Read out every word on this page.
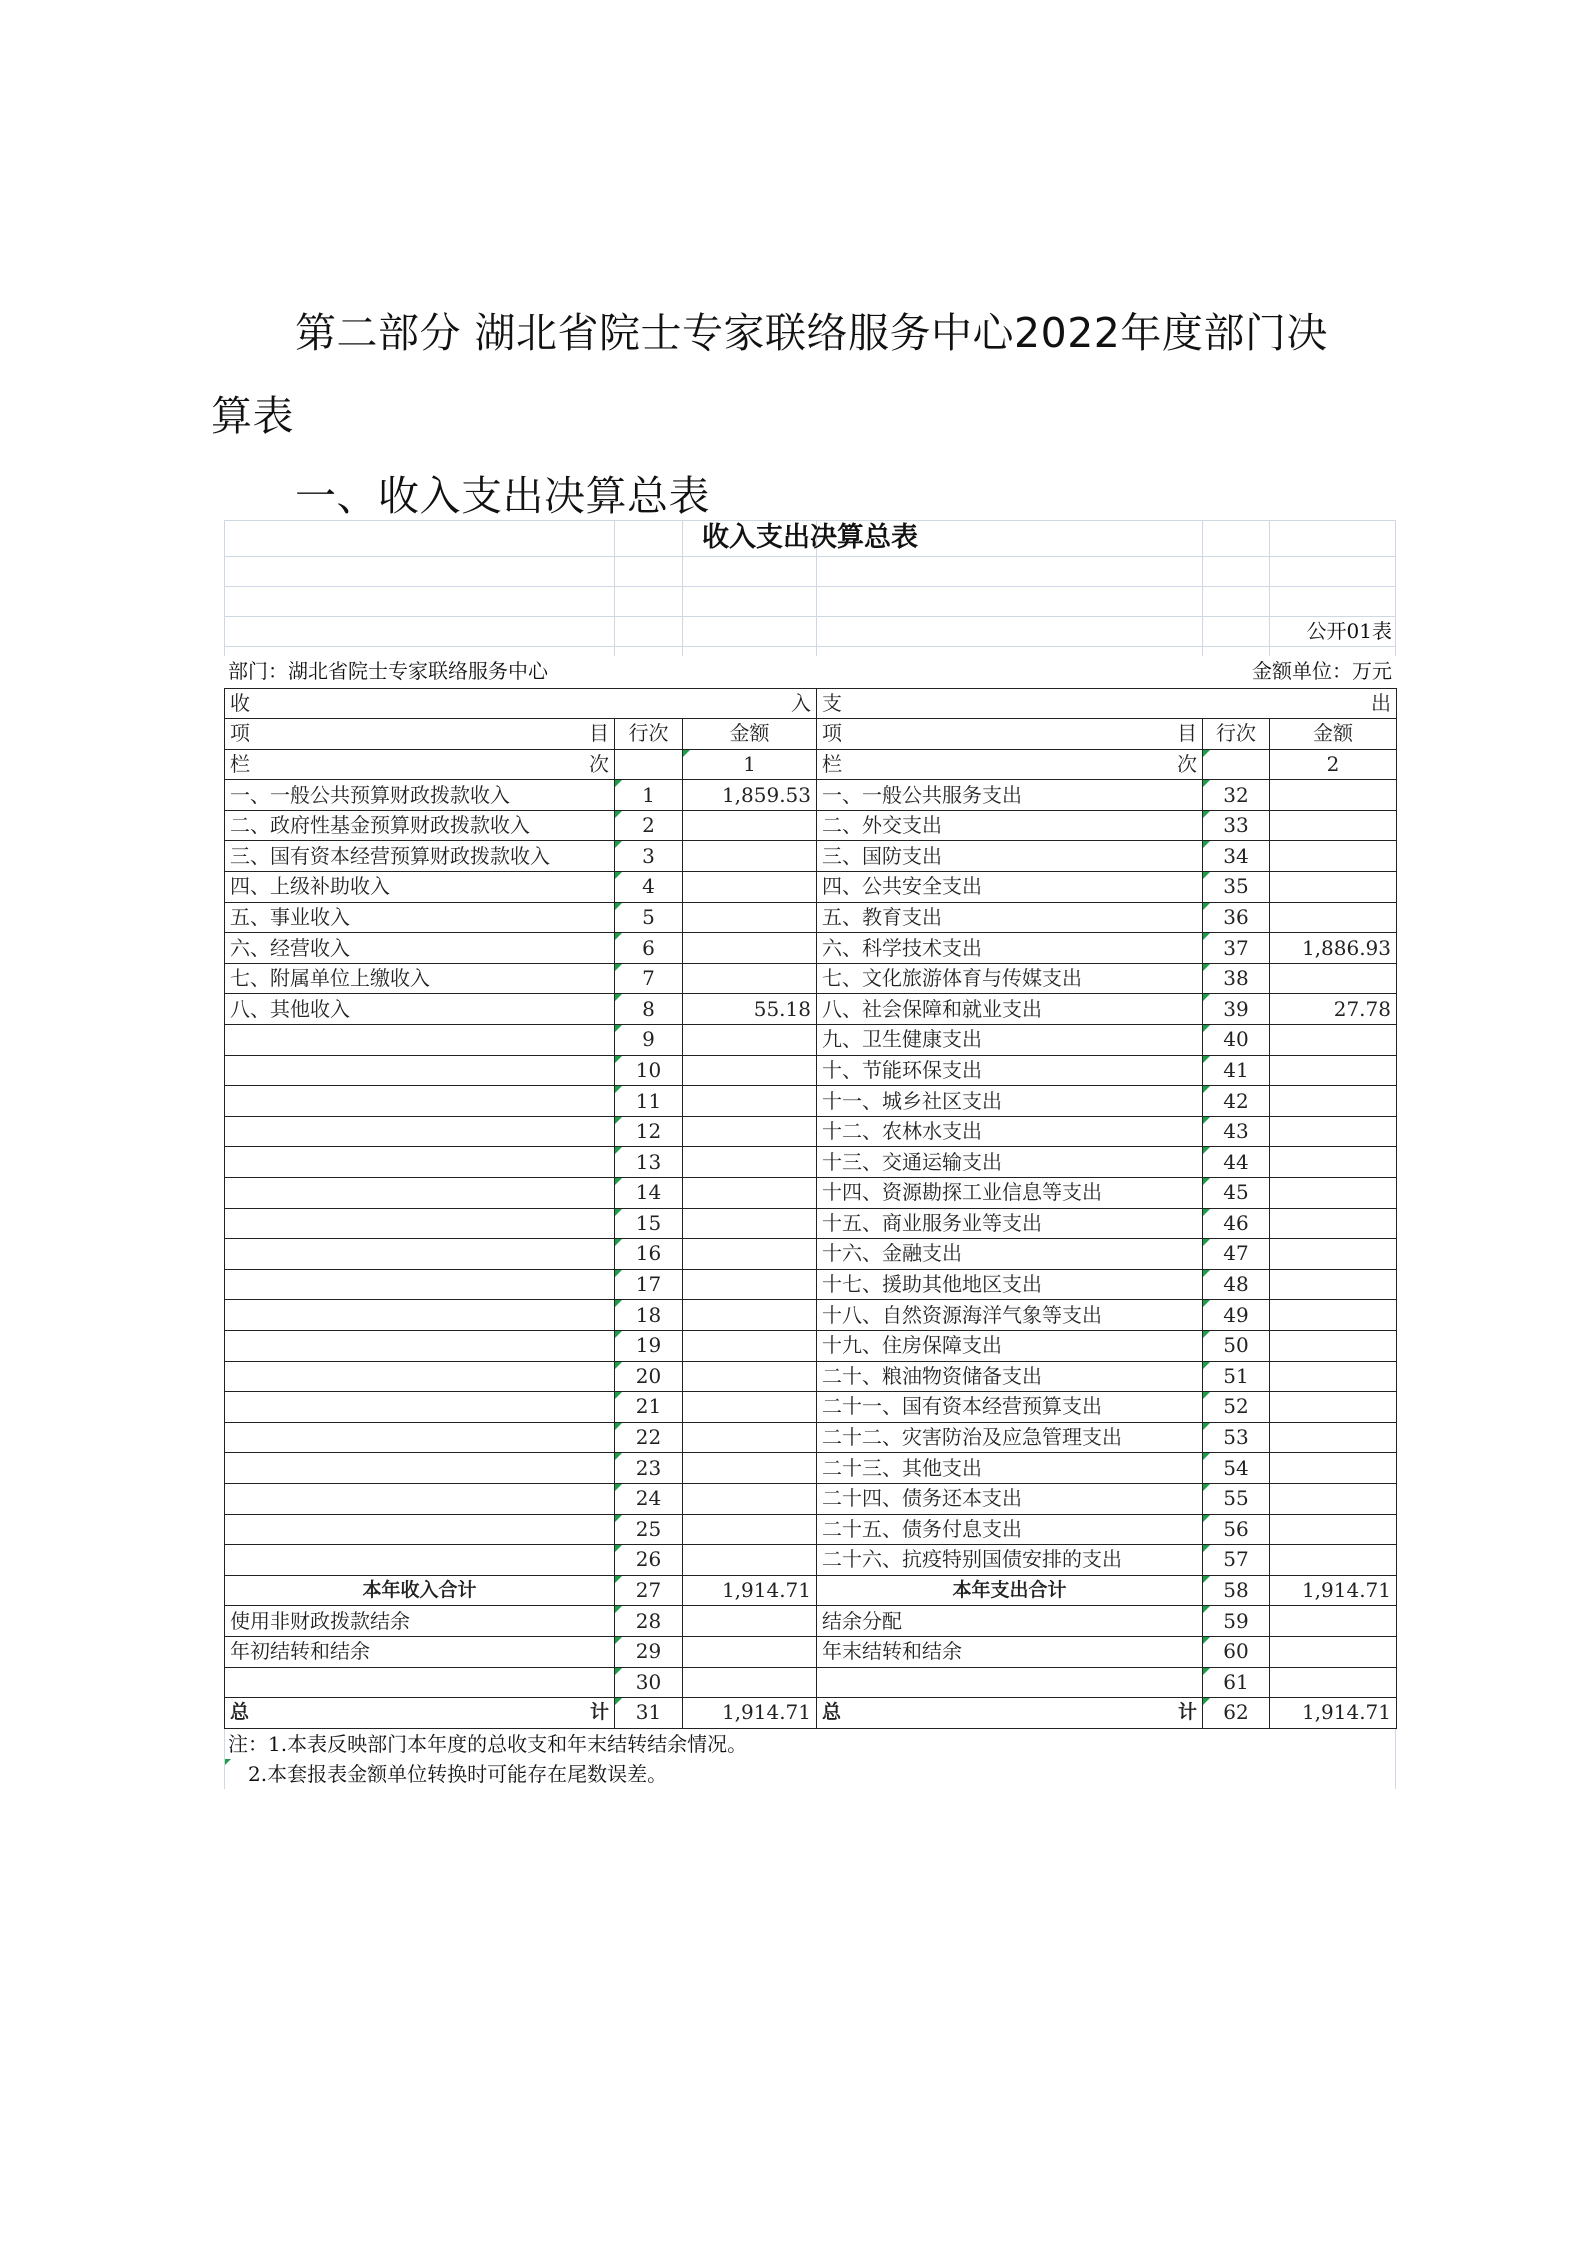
第二部分 湖北省院士专家联络服务中心2022年度部门决
算表
一、收入支出决算总表
收入支出决算总表
公开01表
部门：湖北省院士专家联络服务中心	金额单位：万元
收 入			支 出		

项 目	行次	金额	项 目	行次	金额

栏 次		1	栏 次		2
一、一般公共预算财政拨款收入	1	1,859.53	一、一般公共服务支出	32	
二、政府性基金预算财政拨款收入	2		二、外交支出	33	
三、国有资本经营预算财政拨款收入	3		三、国防支出	34	
四、上级补助收入	4		四、公共安全支出	35	
五、事业收入	5		五、教育支出	36	
六、经营收入	6		六、科学技术支出	37	1,886.93
七、附属单位上缴收入	7		七、文化旅游体育与传媒支出	38	
八、其他收入	8	55.18	八、社会保障和就业支出	39	27.78
	9		九、卫生健康支出	40	
	10		十、节能环保支出	41	
	11		十一、城乡社区支出	42	
	12		十二、农林水支出	43	
	13		十三、交通运输支出	44	
	14		十四、资源勘探工业信息等支出	45	
	15		十五、商业服务业等支出	46	
	16		十六、金融支出	47	
	17		十七、援助其他地区支出	48	
	18		十八、自然资源海洋气象等支出	49	
	19		十九、住房保障支出	50	
	20		二十、粮油物资储备支出	51	
	21		二十一、国有资本经营预算支出	52	
	22		二十二、灾害防治及应急管理支出	53	
	23		二十三、其他支出	54	
	24		二十四、债务还本支出	55	
	25		二十五、债务付息支出	56	
	26		二十六、抗疫特别国债安排的支出	57	
本年收入合计	27	1,914.71	本年支出合计	58	1,914.71
使用非财政拨款结余	28		结余分配	59	
年初结转和结余	29		年末结转和结余	60	
	30			61	

总 计	31	1,914.71	总 计	62	1,914.71
注：1.本表反映部门本年度的总收支和年末结转结余情况。
2.本套报表金额单位转换时可能存在尾数误差。
